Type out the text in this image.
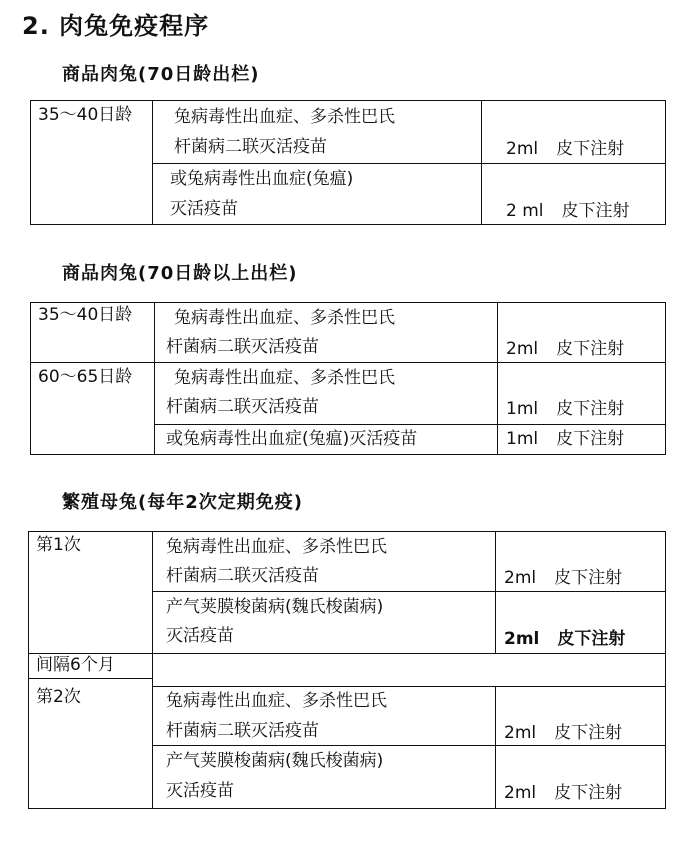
2. 肉兔免疫程序
商品肉兔(70日龄出栏)
35～40日龄 兔病毒性出血症、多杀性巴氏
杆菌病二联灭活疫苗	2ml 皮下注射
或兔病毒性出血症(兔瘟)
灭活疫苗	2 ml 皮下注射
商品肉兔(70日龄以上出栏)
35～40日龄 兔病毒性出血症、多杀性巴氏
杆菌病二联灭活疫苗	2ml 皮下注射
60～65日龄 兔病毒性出血症、多杀性巴氏
杆菌病二联灭活疫苗	1ml 皮下注射
或兔病毒性出血症(兔瘟)灭活疫苗	1ml 皮下注射
繁殖母兔(每年2次定期免疫)
第1次	兔病毒性出血症、多杀性巴氏
杆菌病二联灭活疫苗	2ml 皮下注射
产气荚膜梭菌病(魏氏梭菌病)
灭活疫苗	2ml 皮下注射
间隔6个月
第2次	兔病毒性出血症、多杀性巴氏
杆菌病二联灭活疫苗	2ml 皮下注射
产气荚膜梭菌病(魏氏梭菌病)
灭活疫苗	2ml 皮下注射
